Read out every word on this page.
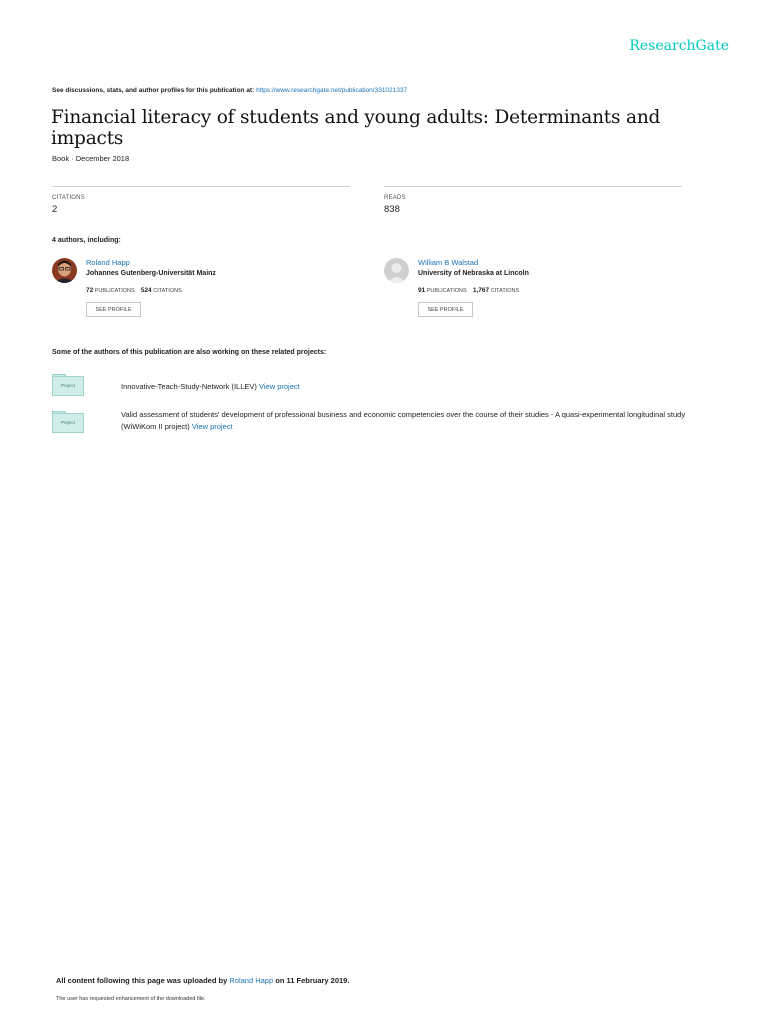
ResearchGate
See discussions, stats, and author profiles for this publication at: https://www.researchgate.net/publication/331021337
Financial literacy of students and young adults: Determinants and impacts
Book · December 2018
CITATIONS
2
READS
838
4 authors, including:
Roland Happ
Johannes Gutenberg-Universität Mainz
72 PUBLICATIONS 524 CITATIONS
SEE PROFILE
William B Walstad
University of Nebraska at Lincoln
91 PUBLICATIONS 1,767 CITATIONS
SEE PROFILE
Some of the authors of this publication are also working on these related projects:
Project	Innovative-Teach-Study-Network (ILLEV) View project
Project
Valid assessment of students' development of professional business and economic competencies over the course of their studies - A quasi-experimental longitudinal study (WiWiKom II project) View project
All content following this page was uploaded by Roland Happ on 11 February 2019.
The user has requested enhancement of the downloaded file.
